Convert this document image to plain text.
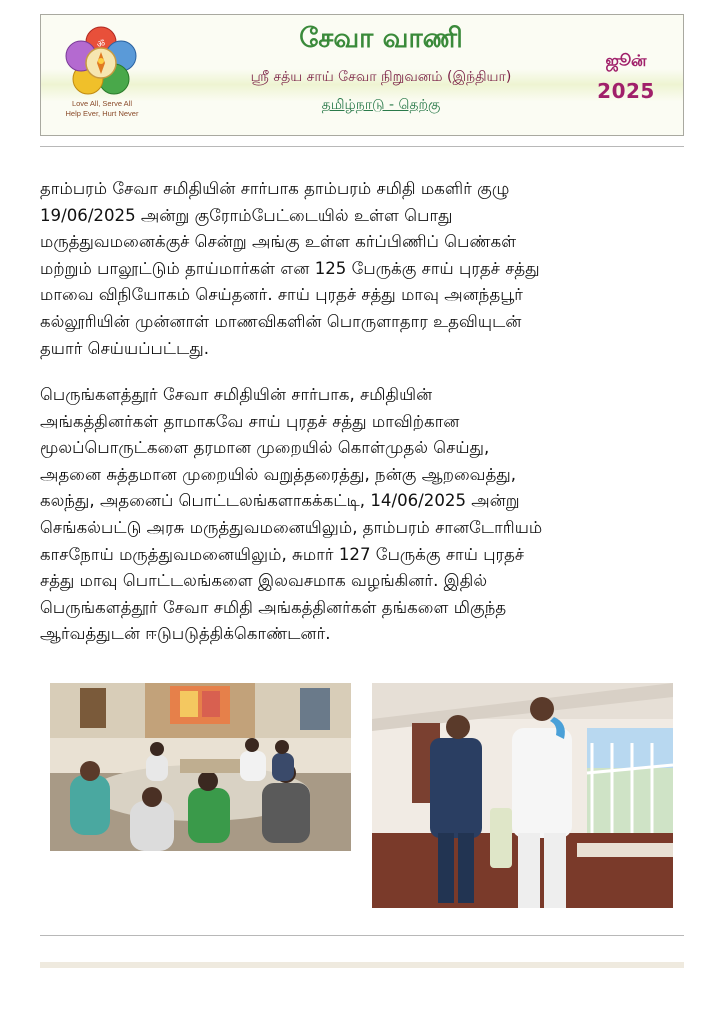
ॐ
Love All, Serve All
Help Ever, Hurt Never
சேவா வாணி
ஸ்ரீ சத்ய சாய் சேவா நிறுவனம் (இந்தியா)
தமிழ்நாடு - தெற்கு
ஜூன்
2025
தாம்பரம் சேவா சமிதியின் சார்பாக தாம்பரம் சமிதி மகளிர் குழு
19/06/2025 அன்று குரோம்பேட்டையில் உள்ள பொது
மருத்துவமனைக்குச் சென்று அங்கு உள்ள கர்ப்பிணிப் பெண்கள்
மற்றும் பாலூட்டும் தாய்மார்கள் என 125 பேருக்கு சாய் புரதச் சத்து
மாவை விநியோகம் செய்தனர். சாய் புரதச் சத்து மாவு அனந்தபூர்
கல்லூரியின் முன்னாள் மாணவிகளின் பொருளாதார உதவியுடன்
தயார் செய்யப்பட்டது.
பெருங்களத்தூர் சேவா சமிதியின் சார்பாக, சமிதியின்
அங்கத்தினர்கள் தாமாகவே சாய் புரதச் சத்து மாவிற்கான
மூலப்பொருட்களை தரமான முறையில் கொள்முதல் செய்து,
அதனை சுத்தமான முறையில் வறுத்தரைத்து, நன்கு ஆறவைத்து,
கலந்து, அதனைப் பொட்டலங்களாகக்கட்டி, 14/06/2025 அன்று
செங்கல்பட்டு அரசு மருத்துவமனையிலும், தாம்பரம் சானடோரியம்
காசநோய் மருத்துவமனையிலும், சுமார் 127 பேருக்கு சாய் புரதச்
சத்து மாவு பொட்டலங்களை இலவசமாக வழங்கினர். இதில்
பெருங்களத்தூர் சேவா சமிதி அங்கத்தினர்கள் தங்களை மிகுந்த
ஆர்வத்துடன் ஈடுபடுத்திக்கொண்டனர்.
